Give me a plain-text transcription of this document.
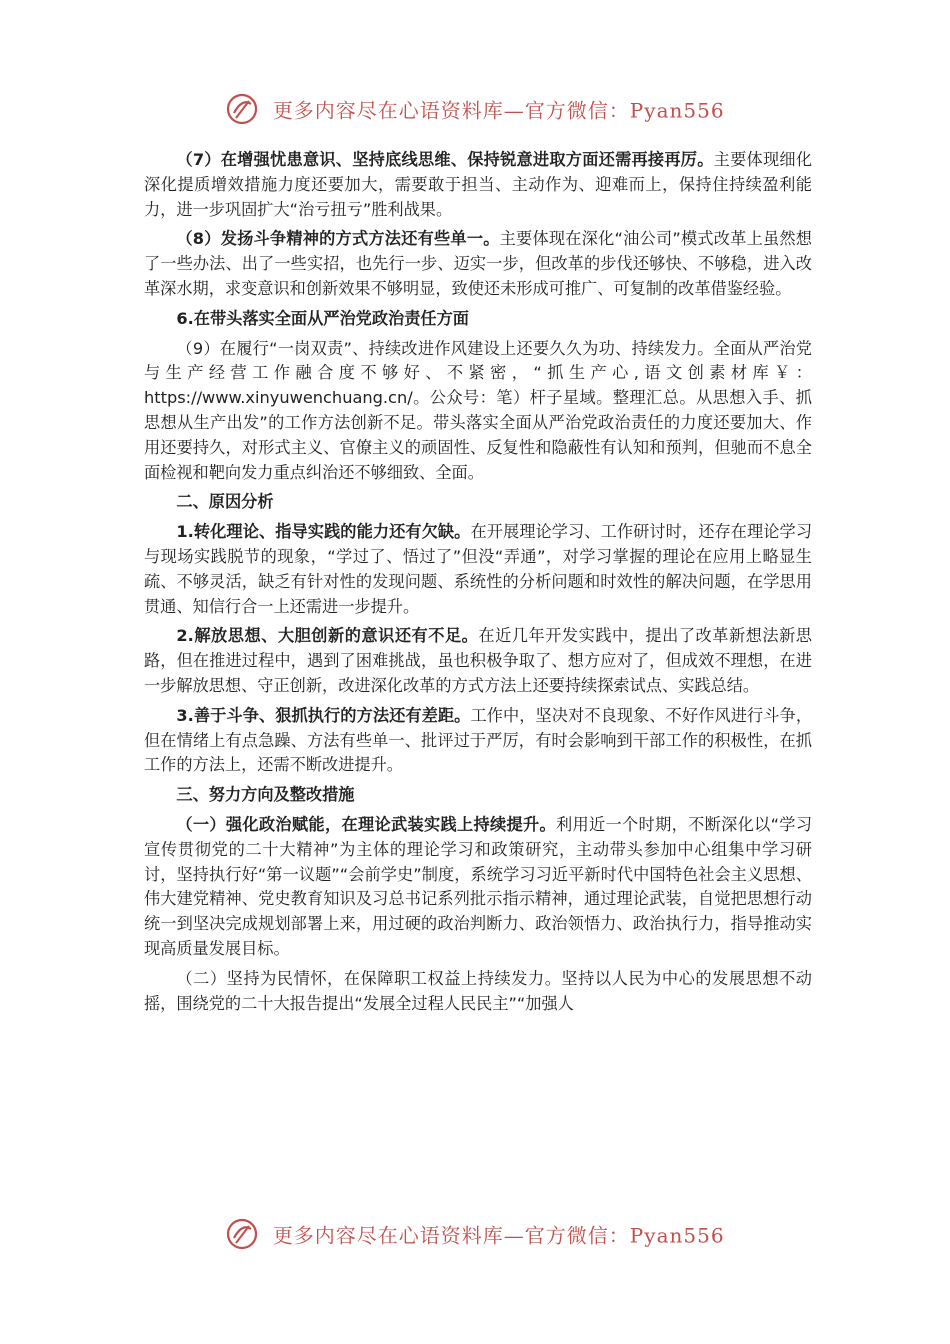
更多内容尽在心语资料库—官方微信：Pyan556

（7）在增强忧患意识、坚持底线思维、保持锐意进取方面还需再接再厉。主要体现细化深化提质增效措施力度还要加大，需要敢于担当、主动作为、迎难而上，保持住持续盈利能力，进一步巩固扩大“治亏扭亏”胜利战果。

（8）发扬斗争精神的方式方法还有些单一。主要体现在深化“油公司”模式改革上虽然想了一些办法、出了一些实招，也先行一步、迈实一步，但改革的步伐还够快、不够稳，进入改革深水期，求变意识和创新效果不够明显，致使还未形成可推广、可复制的改革借鉴经验。

6.在带头落实全面从严治党政治责任方面

（9）在履行“一岗双责”、持续改进作风建设上还要久久为功、持续发力。全面从严治党与生产经营工作融合度不够好、不紧密，“抓生产心,语文创素材库￥：https://www.xinyuwenchuang.cn/。公众号：笔）杆子星域。整理汇总。从思想入手、抓思想从生产出发”的工作方法创新不足。带头落实全面从严治党政治责任的力度还要加大、作用还要持久，对形式主义、官僚主义的顽固性、反复性和隐蔽性有认知和预判，但驰而不息全面检视和靶向发力重点纠治还不够细致、全面。

二、原因分析

1.转化理论、指导实践的能力还有欠缺。在开展理论学习、工作研讨时，还存在理论学习与现场实践脱节的现象，“学过了、悟过了”但没“弄通”，对学习掌握的理论在应用上略显生疏、不够灵活，缺乏有针对性的发现问题、系统性的分析问题和时效性的解决问题，在学思用贯通、知信行合一上还需进一步提升。

2.解放思想、大胆创新的意识还有不足。在近几年开发实践中，提出了改革新想法新思路，但在推进过程中，遇到了困难挑战，虽也积极争取了、想方应对了，但成效不理想，在进一步解放思想、守正创新，改进深化改革的方式方法上还要持续探索试点、实践总结。

3.善于斗争、狠抓执行的方法还有差距。工作中，坚决对不良现象、不好作风进行斗争，但在情绪上有点急躁、方法有些单一、批评过于严厉，有时会影响到干部工作的积极性，在抓工作的方法上，还需不断改进提升。

三、努力方向及整改措施

（一）强化政治赋能，在理论武装实践上持续提升。利用近一个时期，不断深化以“学习宣传贯彻党的二十大精神”为主体的理论学习和政策研究，主动带头参加中心组集中学习研讨，坚持执行好“第一议题”“会前学史”制度，系统学习习近平新时代中国特色社会主义思想、伟大建党精神、党史教育知识及习总书记系列批示指示精神，通过理论武装，自觉把思想行动统一到坚决完成规划部署上来，用过硬的政治判断力、政治领悟力、政治执行力，指导推动实现高质量发展目标。

（二）坚持为民情怀，在保障职工权益上持续发力。坚持以人民为中心的发展思想不动摇，围绕党的二十大报告提出“发展全过程人民民主”“加强人

更多内容尽在心语资料库—官方微信：Pyan556
